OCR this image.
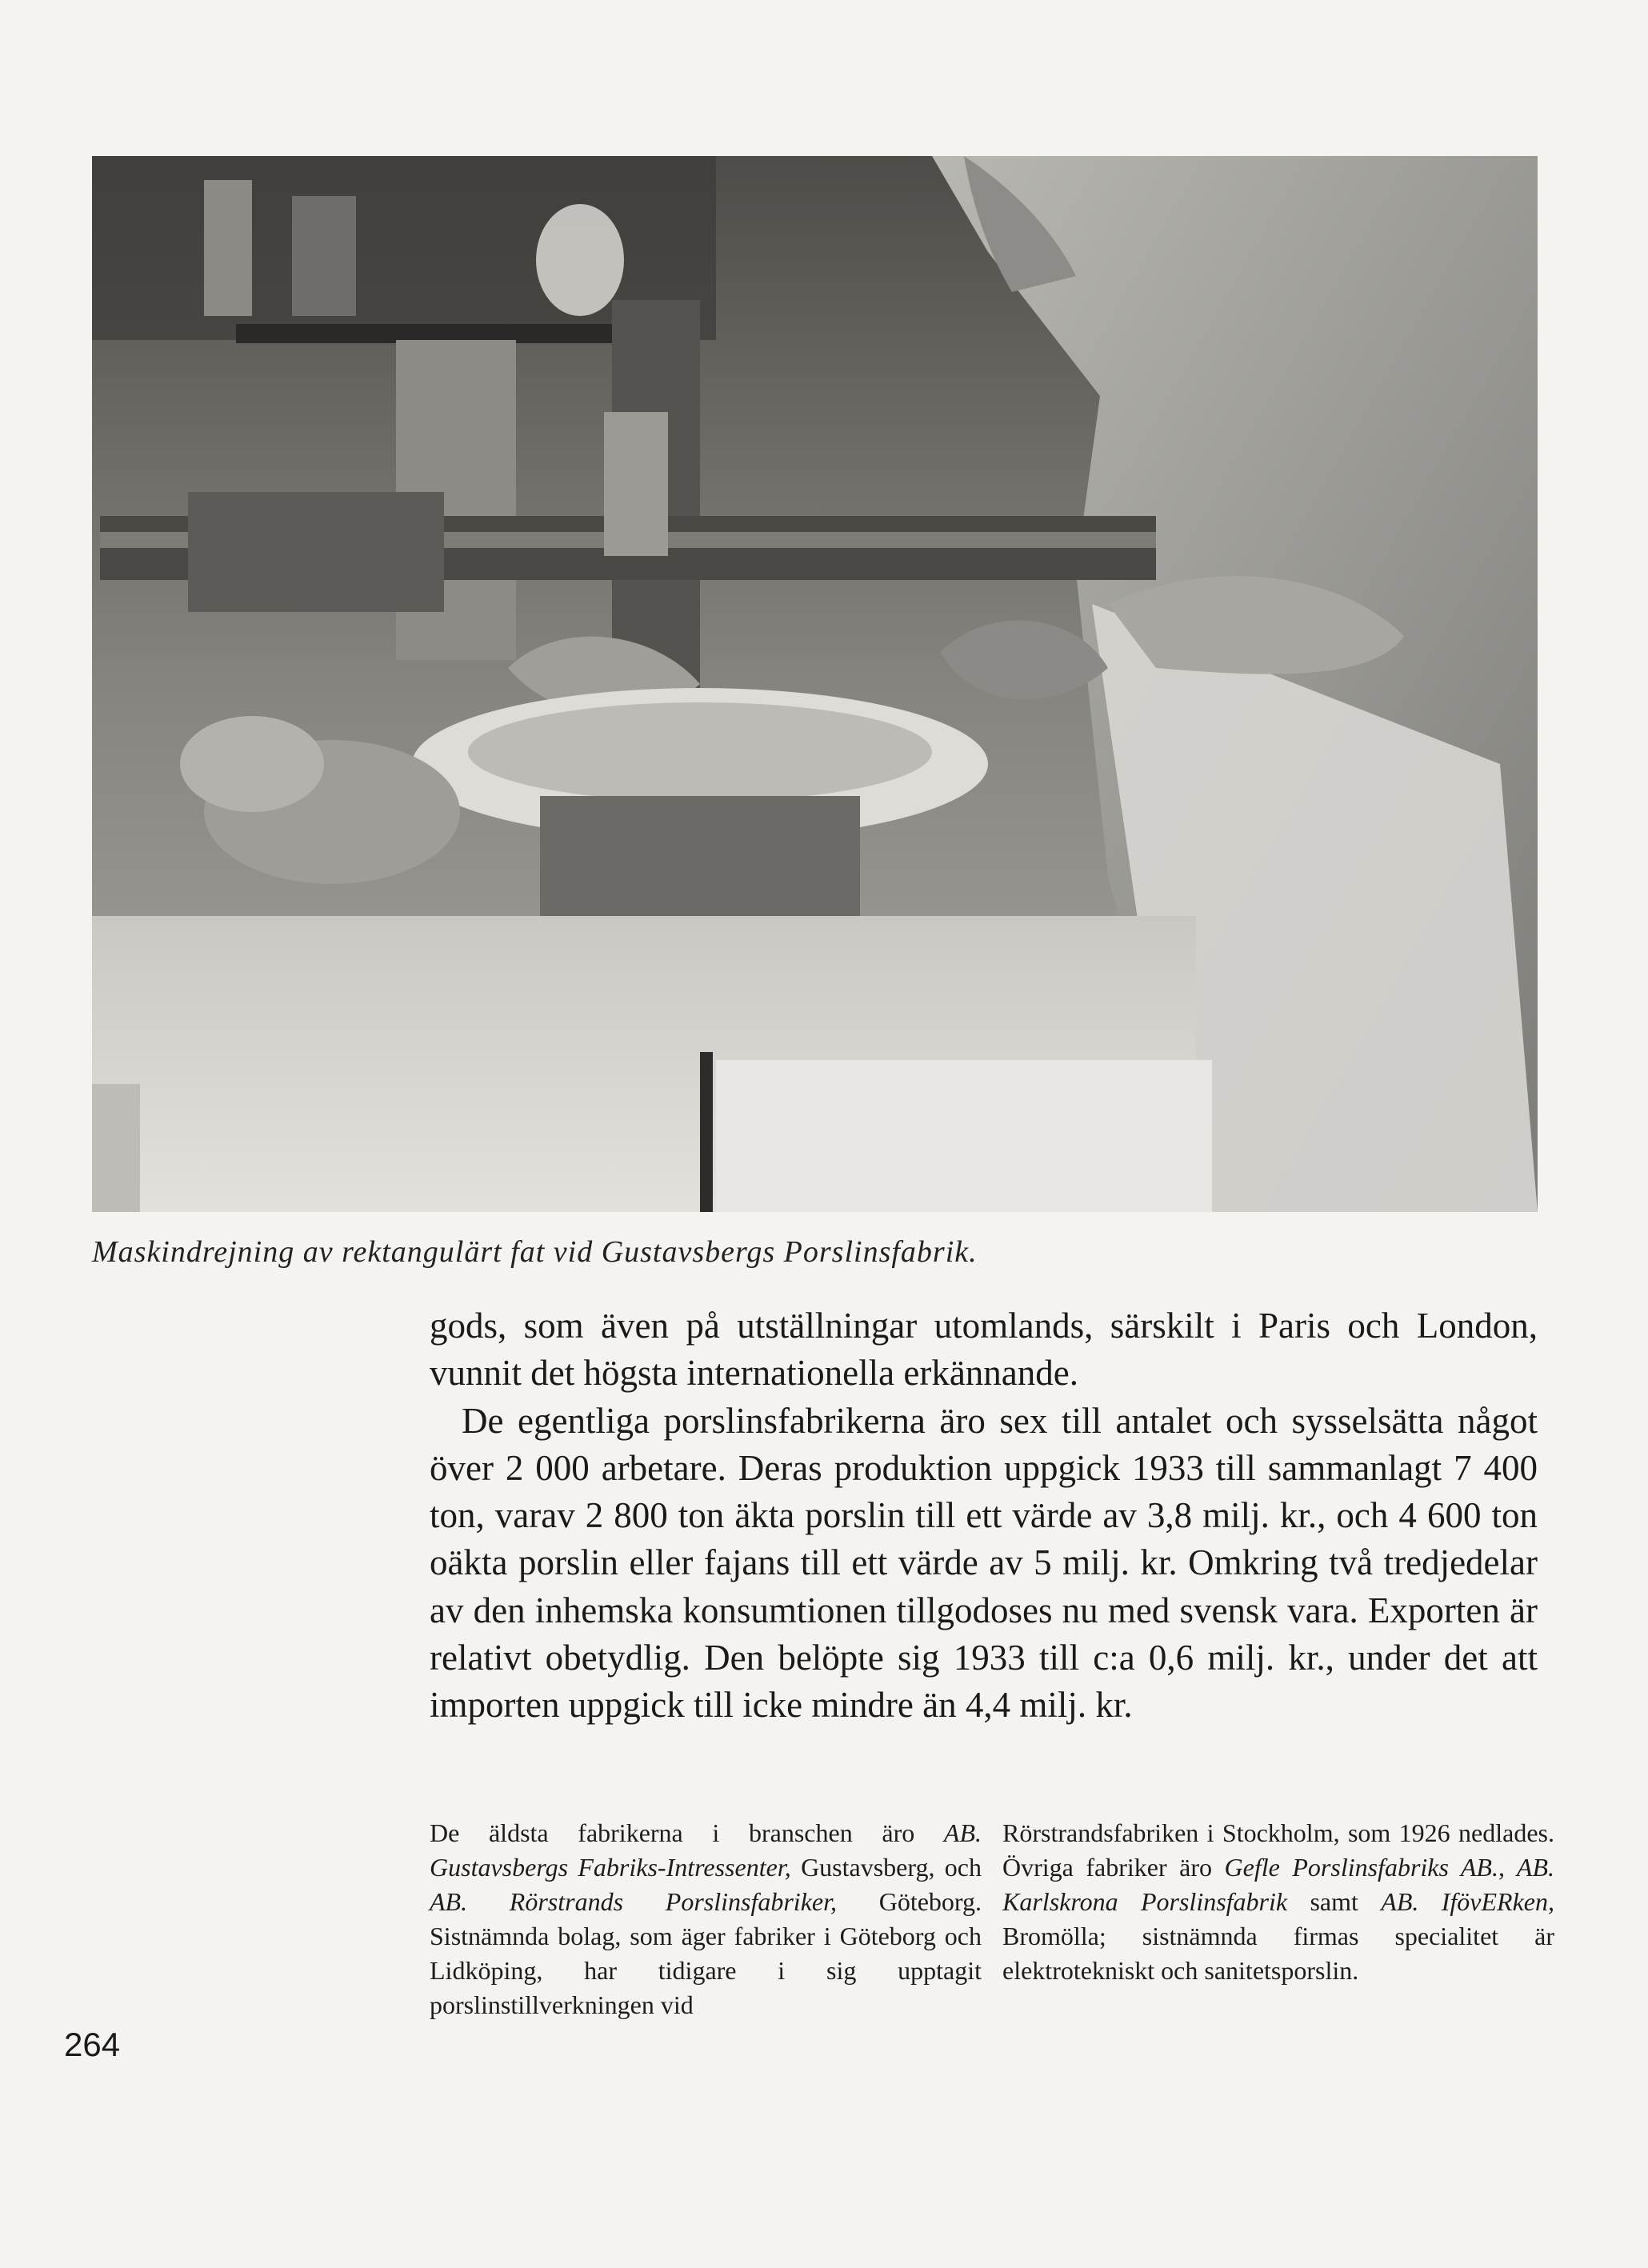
Maskindrejning av rektangulärt fat vid Gustavsbergs Porslinsfabrik.

gods, som även på utställningar utomlands, särskilt i Paris och London, vunnit det högsta internationella erkännande.

De egentliga porslinsfabrikerna äro sex till antalet och sysselsätta något över 2 000 arbetare. Deras produktion uppgick 1933 till sammanlagt 7 400 ton, varav 2 800 ton äkta porslin till ett värde av 3,8 milj. kr., och 4 600 ton oäkta porslin eller fajans till ett värde av 5 milj. kr. Omkring två tredjedelar av den inhemska konsumtionen tillgodoses nu med svensk vara. Exporten är relativt obetydlig. Den belöpte sig 1933 till c:a 0,6 milj. kr., under det att importen uppgick till icke mindre än 4,4 milj. kr.

De äldsta fabrikerna i branschen äro AB. Gustavsbergs Fabriks-Intressenter, Gustavsberg, och AB. Rörstrands Porslinsfabriker, Göteborg. Sistnämnda bolag, som äger fabriker i Göteborg och Lidköping, har tidigare i sig upptagit porslinstillverkningen vid
Rörstrandsfabriken i Stockholm, som 1926 nedlades. Övriga fabriker äro Gefle Porslinsfabriks AB., AB. Karlskrona Porslinsfabrik samt AB. IfövERken, Bromölla; sistnämnda firmas specialitet är elektrotekniskt och sanitetsporslin.
264
